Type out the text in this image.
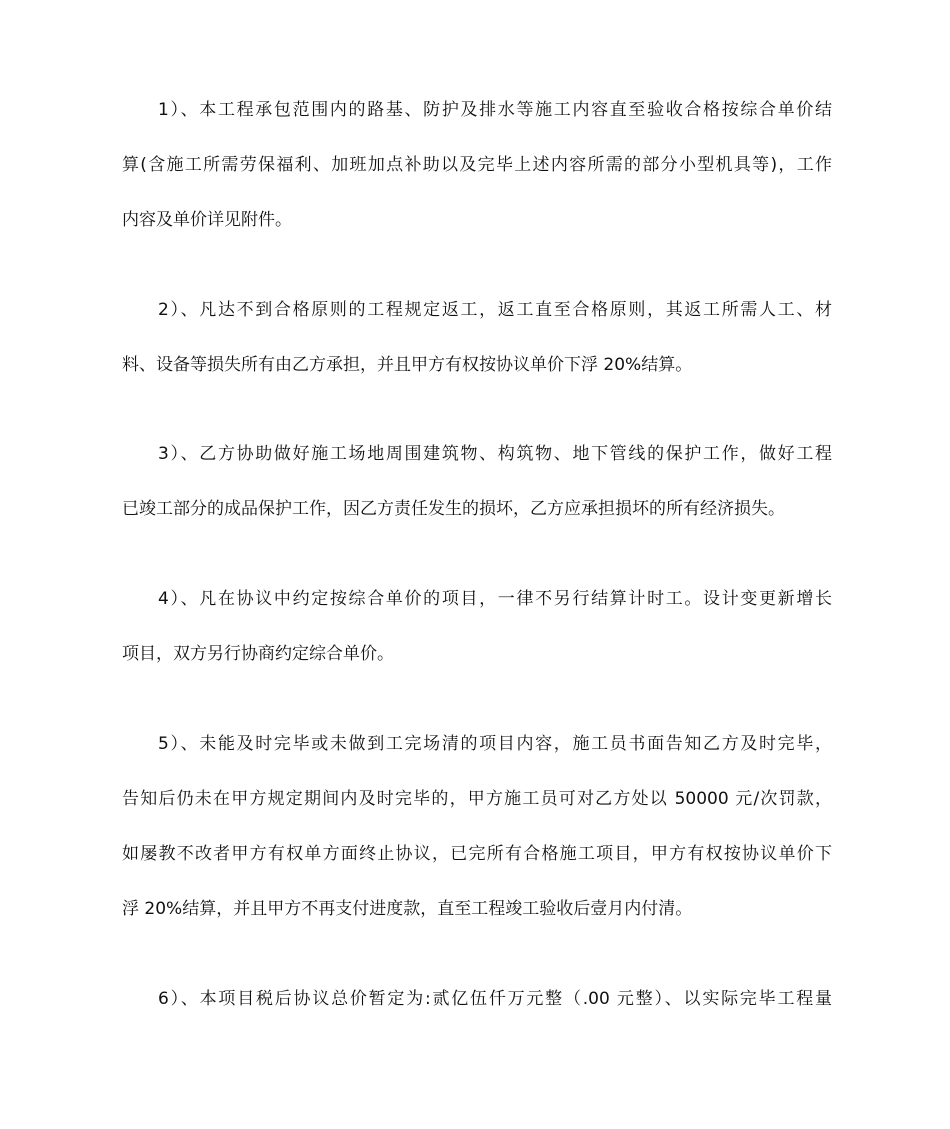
1）、本工程承包范围内的路基、防护及排水等施工内容直至验收合格按综合单价结
算(含施工所需劳保福利、加班加点补助以及完毕上述内容所需的部分小型机具等)，工作
内容及单价详见附件。
2）、凡达不到合格原则的工程规定返工，返工直至合格原则，其返工所需人工、材
料、设备等损失所有由乙方承担，并且甲方有权按协议单价下浮 20%结算。
3）、乙方协助做好施工场地周围建筑物、构筑物、地下管线的保护工作，做好工程
已竣工部分的成品保护工作，因乙方责任发生的损坏，乙方应承担损坏的所有经济损失。
4）、凡在协议中约定按综合单价的项目，一律不另行结算计时工。设计变更新增长
项目，双方另行协商约定综合单价。
5）、未能及时完毕或未做到工完场清的项目内容，施工员书面告知乙方及时完毕，
告知后仍未在甲方规定期间内及时完毕的，甲方施工员可对乙方处以 50000 元/次罚款，
如屡教不改者甲方有权单方面终止协议，已完所有合格施工项目，甲方有权按协议单价下
浮 20%结算，并且甲方不再支付进度款，直至工程竣工验收后壹月内付清。
6）、本项目税后协议总价暂定为:贰亿伍仟万元整（.00 元整）、以实际完毕工程量
